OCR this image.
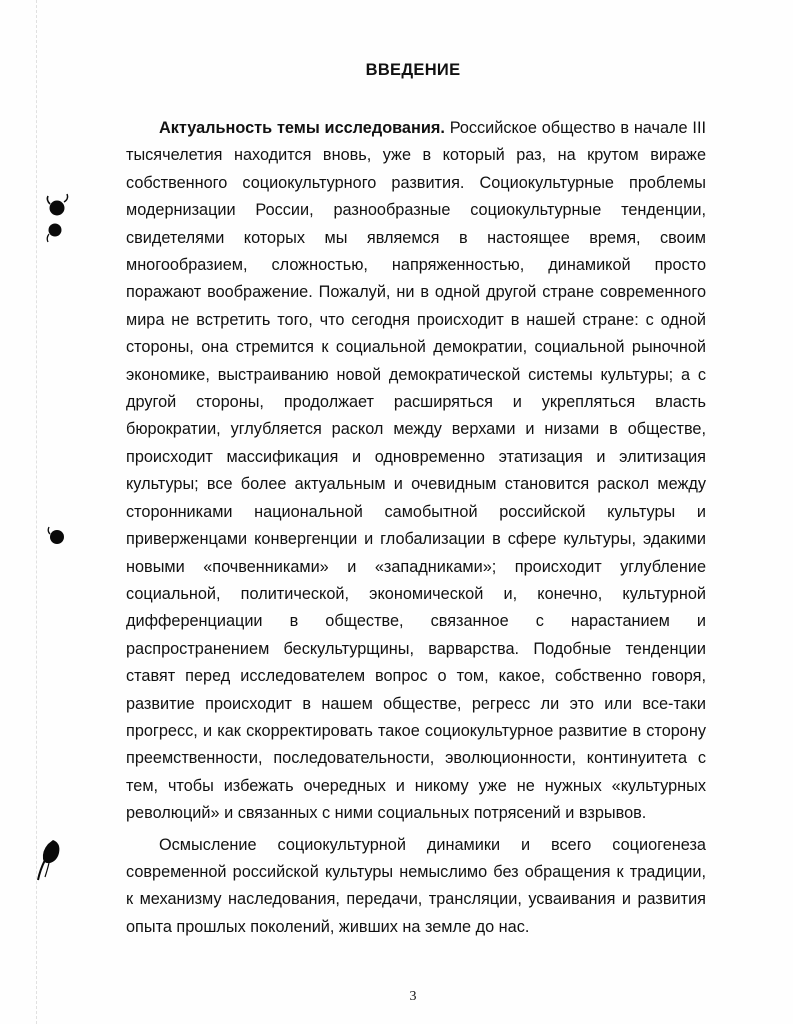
ВВЕДЕНИЕ

Актуальность темы исследования. Российское общество в начале III тысячелетия находится вновь, уже в который раз, на крутом вираже собственного социокультурного развития. Социокультурные проблемы модернизации России, разнообразные социокультурные тенденции, свидетелями которых мы являемся в настоящее время, своим многообразием, сложностью, напряженностью, динамикой просто поражают воображение. Пожалуй, ни в одной другой стране современного мира не встретить того, что сегодня происходит в нашей стране: с одной стороны, она стремится к социальной демократии, социальной рыночной экономике, выстраиванию новой демократической системы культуры; а с другой стороны, продолжает расширяться и укрепляться власть бюрократии, углубляется раскол между верхами и низами в обществе, происходит массификация и одновременно этатизация и элитизация культуры; все более актуальным и очевидным становится раскол между сторонниками национальной самобытной российской культуры и приверженцами конвергенции и глобализации в сфере культуры, эдакими новыми «почвенниками» и «западниками»; происходит углубление социальной, политической, экономической и, конечно, культурной дифференциации в обществе, связанное с нарастанием и распространением бескультурщины, варварства. Подобные тенденции ставят перед исследователем вопрос о том, какое, собственно говоря, развитие происходит в нашем обществе, регресс ли это или все-таки прогресс, и как скорректировать такое социокультурное развитие в сторону преемственности, последовательности, эволюционности, континуитета с тем, чтобы избежать очередных и никому уже не нужных «культурных революций» и связанных с ними социальных потрясений и взрывов.

Осмысление социокультурной динамики и всего социогенеза современной российской культуры немыслимо без обращения к традиции, к механизму наследования, передачи, трансляции, усваивания и развития опыта прошлых поколений, живших на земле до нас.

3
